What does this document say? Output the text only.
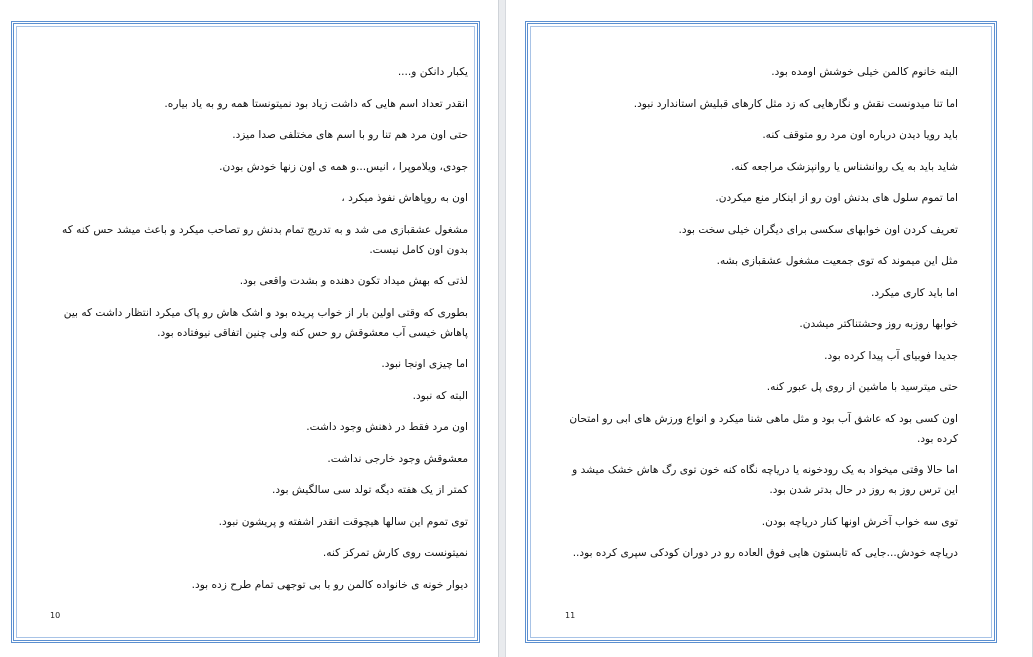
یکبار دانکن و....

انقدر تعداد اسم هایی که داشت زیاد بود نمیتونستا همه رو به یاد بیاره.

حتی اون مرد هم تنا رو با اسم های مختلفی صدا میزد.

جودی، ویلاموپرا ، انیس...و همه ی اون زنها خودش بودن.

اون به روپاهاش نفوذ میکرد ،

مشغول عشقبازی می شد و به تدریج تمام بدنش رو تصاحب میکرد و باعث میشد حس کنه که بدون اون کامل نیست.

لذتی که بهش میداد تکون دهنده و بشدت واقعی بود.

بطوری که وقتی اولین بار از خواب پریده بود و اشک هاش رو پاک میکرد انتظار داشت که بین پاهاش خیسی آب معشوقش رو حس کنه ولی چنین اتفاقی نیوفتاده بود.

اما چیزی اونجا نبود.

البته که نبود.

اون مرد فقط در ذهنش وجود داشت.

معشوقش وجود خارجی نداشت.

کمتر از یک هفته دیگه تولد سی سالگیش بود.

توی تموم این سالها هیچوقت انقدر اشفته و پریشون نبود.

نمیتونست روی کارش تمرکز کنه.

دیوار خونه ی خانواده کالمن رو با بی توجهی تمام طرح زده بود.

البته خانوم کالمن خیلی خوشش اومده بود.

اما تنا میدونست نقش و نگارهایی که زد مثل کارهای قبلیش استاندارد نبود.

باید رویا دیدن درباره اون مرد رو متوقف کنه.

شاید باید به یک روانشناس یا روانپزشک مراجعه کنه.

اما تموم سلول های بدنش اون رو از اینکار منع میکردن.

تعریف کردن اون خوابهای سکسی برای دیگران خیلی سخت بود.

مثل این میموند که توی جمعیت مشغول عشقبازی بشه.

اما باید کاری میکرد.

خوابها روزبه روز وحشتناکتر میشدن.

جدیدا فوبیای آب پیدا کرده بود.

حتی میترسید با ماشین از روی پل عبور کنه.

اون کسی بود که عاشق آب بود و مثل ماهی شنا میکرد و انواع ورزش های ابی رو امتحان کرده بود.

اما حالا وقتی میخواد به یک رودخونه یا دریاچه نگاه کنه خون توی رگ هاش خشک میشد و این ترس روز به روز در حال بدتر شدن بود.

توی سه خواب آخرش اونها کنار دریاچه بودن.

دریاچه خودش...جایی که تابستون هایی فوق العاده رو در دوران کودکی سپری کرده بود..

10	11
